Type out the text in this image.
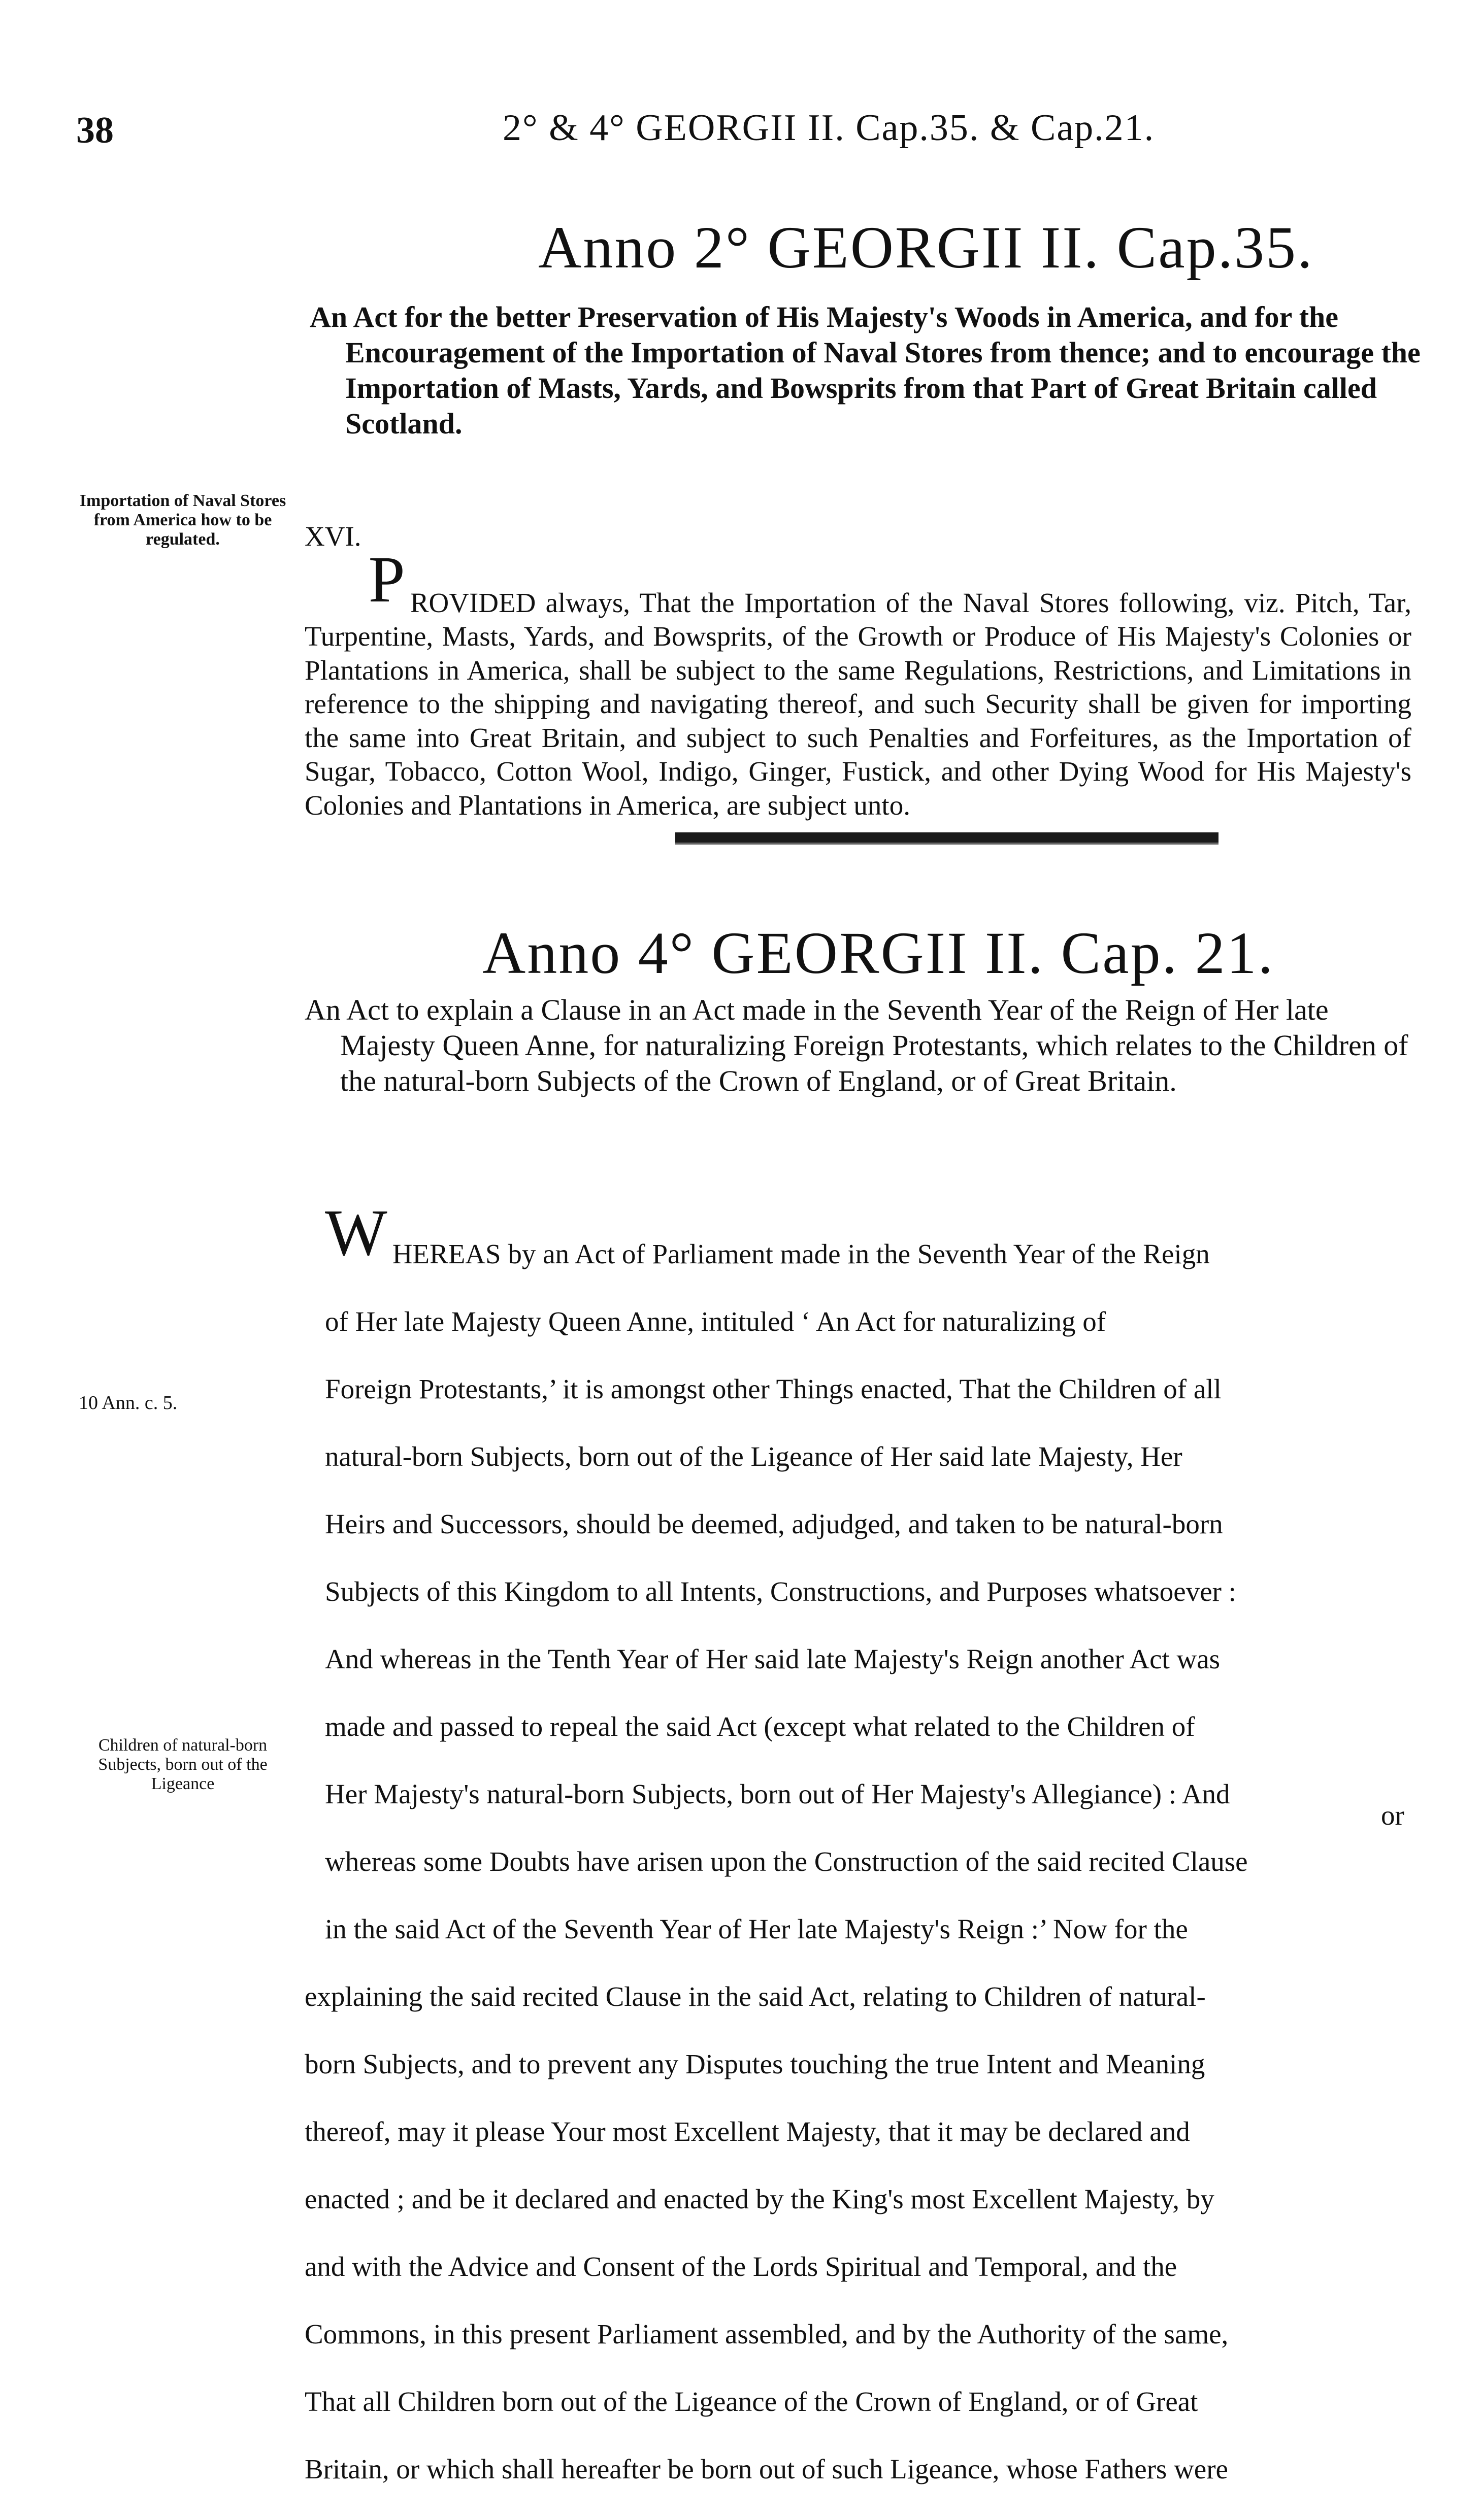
38	2° & 4° GEORGII II. Cap.35. & Cap.21.
Anno 2° GEORGII II. Cap.35.
An Act for the better Preservation of His Majesty's Woods in America, and for the Encouragement of the Importation of Naval Stores from thence; and to encourage the Importation of Masts, Yards, and Bowsprits from that Part of Great Britain called Scotland.
Importation of Naval Stores from America how to be regulated.	XVI.

P ROVIDED always, That the Importation of the Naval Stores following, viz. Pitch, Tar, Turpentine, Masts, Yards, and Bowsprits, of the Growth or Produce of His Majesty's Colonies or Plantations in America, shall be subject to the same Regulations, Restrictions, and Limitations in reference to the shipping and navigating thereof, and such Security shall be given for importing the same into Great Britain, and subject to such Penalties and Forfeitures, as the Importation of Sugar, Tobacco, Cotton Wool, Indigo, Ginger, Fustick, and other Dying Wood for His Majesty's Colonies and Plantations in America, are subject unto.

Anno 4° GEORGII II. Cap. 21.
An Act to explain a Clause in an Act made in the Seventh Year of the Reign of Her late Majesty Queen Anne, for naturalizing Foreign Protestants, which relates to the Children of the natural-born Subjects of the Crown of England, or of Great Britain.
10 Ann. c. 5.
Children of natural-born Subjects, born out of the Ligeance

W HEREAS by an Act of Parliament made in the Seventh Year of the Reign

of Her late Majesty Queen Anne, intituled ‘ An Act for naturalizing of

Foreign Protestants,’ it is amongst other Things enacted, That the Children of all

natural-born Subjects, born out of the Ligeance of Her said late Majesty, Her

Heirs and Successors, should be deemed, adjudged, and taken to be natural-born

Subjects of this Kingdom to all Intents, Constructions, and Purposes whatsoever :

And whereas in the Tenth Year of Her said late Majesty's Reign another Act was

made and passed to repeal the said Act (except what related to the Children of

Her Majesty's natural-born Subjects, born out of Her Majesty's Allegiance) : And

whereas some Doubts have arisen upon the Construction of the said recited Clause

in the said Act of the Seventh Year of Her late Majesty's Reign :’ Now for the

explaining the said recited Clause in the said Act, relating to Children of natural-

born Subjects, and to prevent any Disputes touching the true Intent and Meaning

thereof, may it please Your most Excellent Majesty, that it may be declared and

enacted ; and be it declared and enacted by the King's most Excellent Majesty, by

and with the Advice and Consent of the Lords Spiritual and Temporal, and the

Commons, in this present Parliament assembled, and by the Authority of the same,

That all Children born out of the Ligeance of the Crown of England, or of Great

Britain, or which shall hereafter be born out of such Ligeance, whose Fathers were

or
